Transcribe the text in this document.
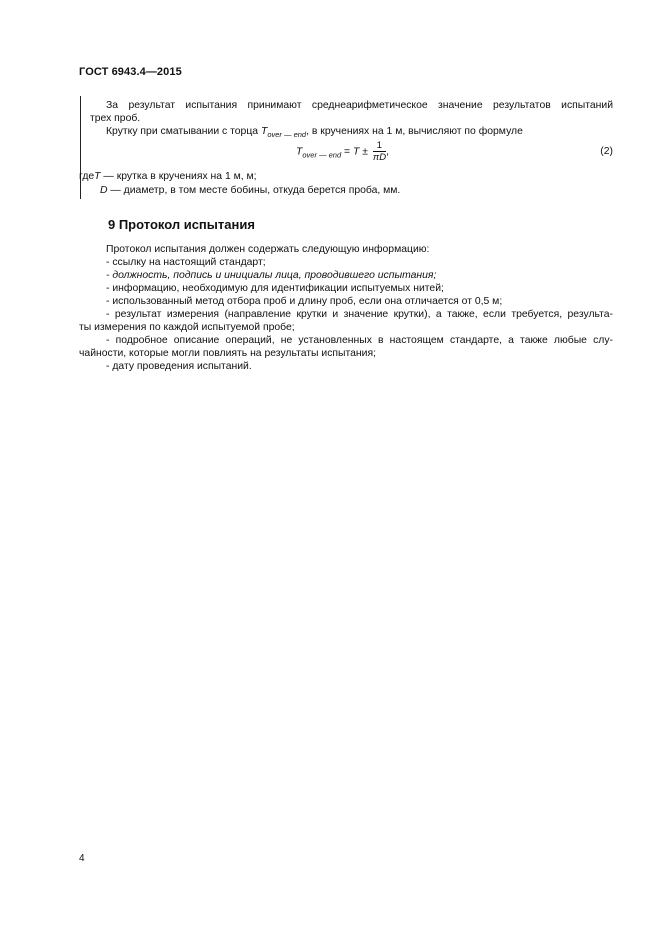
ГОСТ 6943.4—2015
За результат испытания принимают среднеарифметическое значение результатов испытаний
трех проб.
Крутку при сматывании с торца $T_{over — end}$, в кручениях на 1 м, вычисляют по формуле
$T_{over — end} = T \pm \frac{1}{\pi D}$ ,	(2)
гдеT — крутка в кручениях на 1 м, м;
D — диаметр, в том месте бобины, откуда берется проба, мм.
9 Протокол испытания
Протокол испытания должен содержать следующую информацию:
- ссылку на настоящий стандарт;
- должность, подпись и инициалы лица, проводившего испытания;
- информацию, необходимую для идентификации испытуемых нитей;
- использованный метод отбора проб и длину проб, если она отличается от 0,5 м;
- результат измерения (направление крутки и значение крутки), а также, если требуется, результа-
ты измерения по каждой испытуемой пробе;
- подробное описание операций, не установленных в настоящем стандарте, а также любые слу-
чайности, которые могли повлиять на результаты испытания;
- дату проведения испытаний.
4
